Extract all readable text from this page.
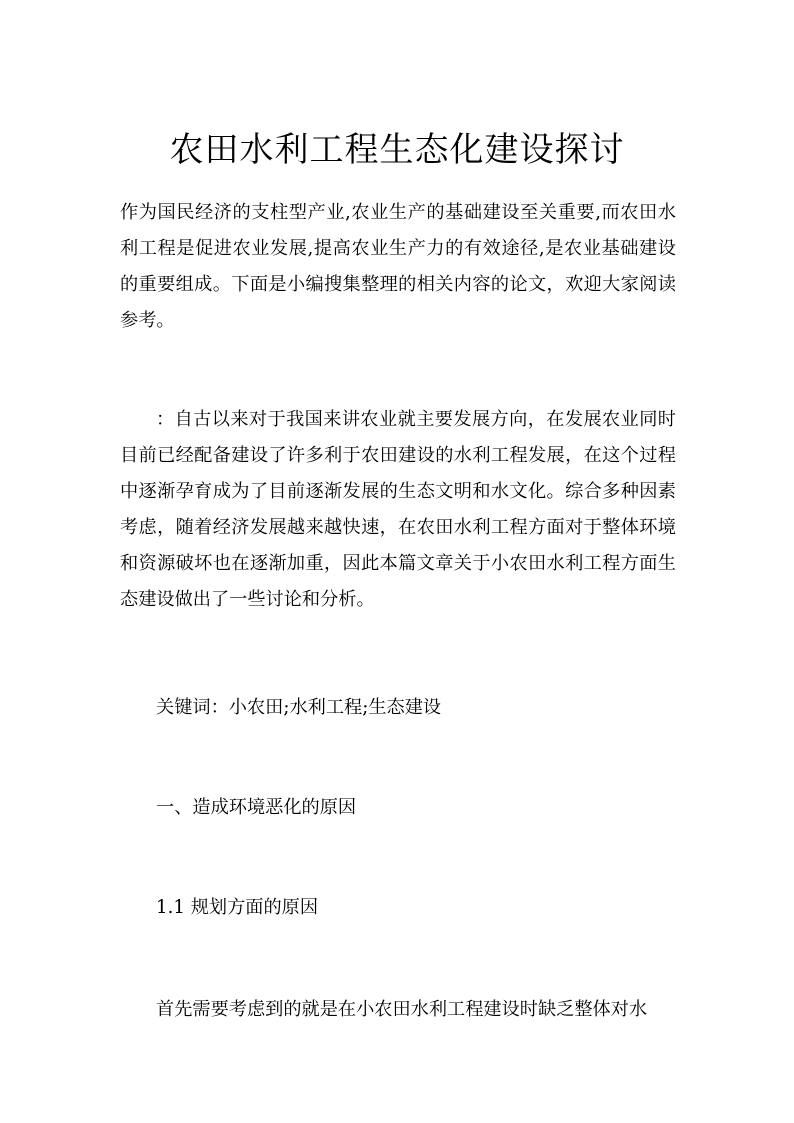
农田水利工程生态化建设探讨

作为国民经济的支柱型产业,农业生产的基础建设至关重要,而农田水利工程是促进农业发展,提高农业生产力的有效途径,是农业基础建设的重要组成。下面是小编搜集整理的相关内容的论文，欢迎大家阅读参考。

：自古以来对于我国来讲农业就主要发展方向，在发展农业同时目前已经配备建设了许多利于农田建设的水利工程发展，在这个过程中逐渐孕育成为了目前逐渐发展的生态文明和水文化。综合多种因素考虑，随着经济发展越来越快速，在农田水利工程方面对于整体环境和资源破坏也在逐渐加重，因此本篇文章关于小农田水利工程方面生态建设做出了一些讨论和分析。

关键词：小农田;水利工程;生态建设

一、造成环境恶化的原因

1.1 规划方面的原因

首先需要考虑到的就是在小农田水利工程建设时缺乏整体对水
